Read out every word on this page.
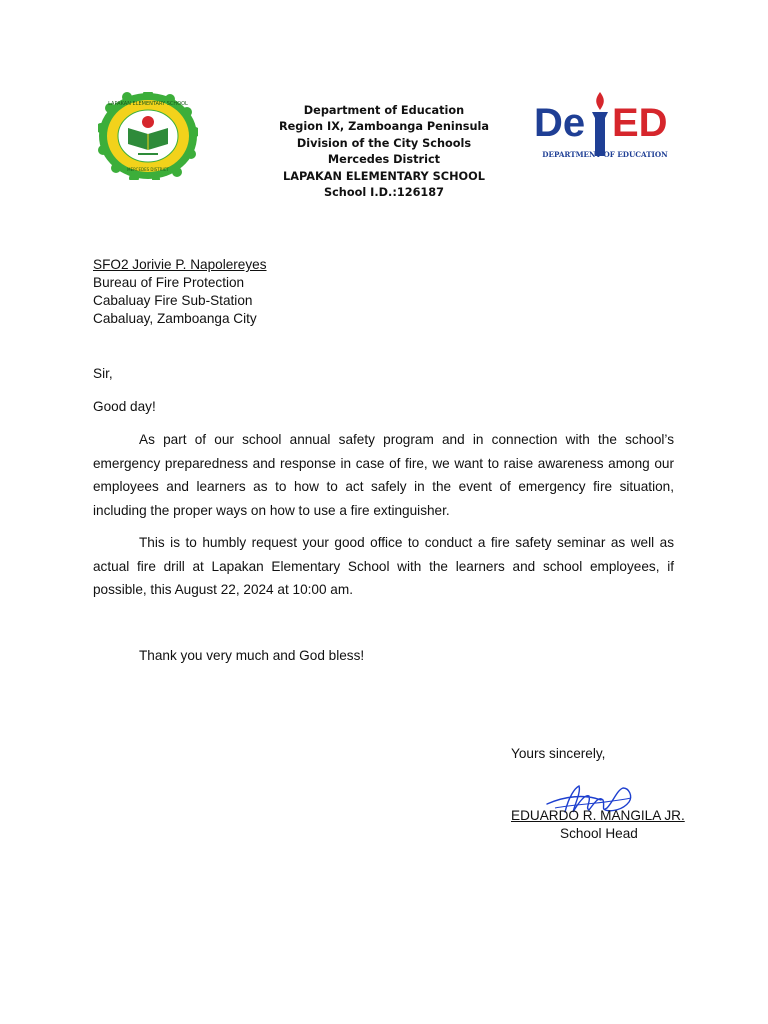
LAPAKAN ELEMENTARY SCHOOL
MERCEDES DISTRICT
Department of Education
Region IX, Zamboanga Peninsula
Division of the City Schools
Mercedes District
LAPAKAN ELEMENTARY SCHOOL
School I.D.:126187
De ED
DEPARTMENT OF EDUCATION
SFO2 Jorivie P. Napolereyes
Bureau of Fire Protection
Cabaluay Fire Sub-Station
Cabaluay, Zamboanga City
Sir,
Good day!
As part of our school annual safety program and in connection with the school’s emergency preparedness and response in case of fire, we want to raise awareness among our employees and learners as to how to act safely in the event of emergency fire situation, including the proper ways on how to use a fire extinguisher.
This is to humbly request your good office to conduct a fire safety seminar as well as actual fire drill at Lapakan Elementary School with the learners and school employees, if possible, this August 22, 2024 at 10:00 am.
Thank you very much and God bless!
Yours sincerely,
EDUARDO R. MANGILA JR.
School Head
